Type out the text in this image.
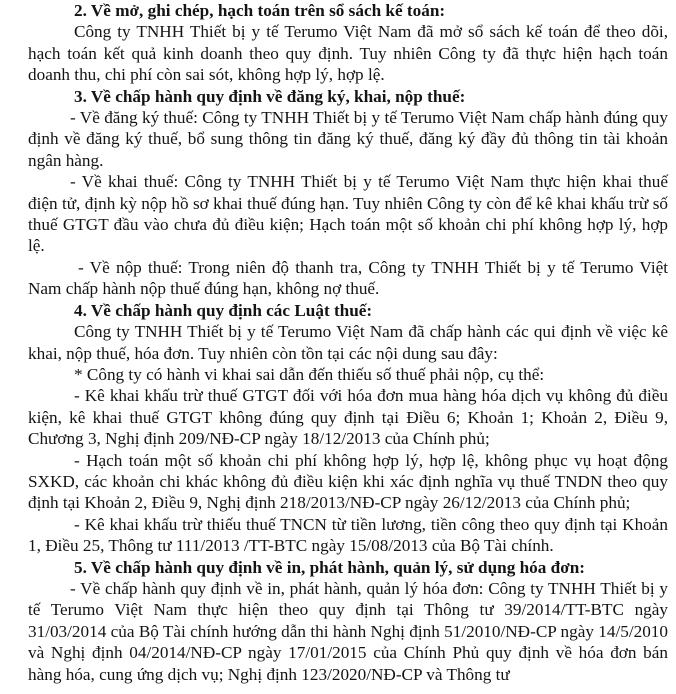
2. Về mở, ghi chép, hạch toán trên sổ sách kế toán:

Công ty TNHH Thiết bị y tế Terumo Việt Nam đã mở sổ sách kế toán để theo dõi, hạch toán kết quả kinh doanh theo quy định. Tuy nhiên Công ty đã thực hiện hạch toán doanh thu, chi phí còn sai sót, không hợp lý, hợp lệ.

3. Về chấp hành quy định về đăng ký, khai, nộp thuế:

- Về đăng ký thuế: Công ty TNHH Thiết bị y tế Terumo Việt Nam chấp hành đúng quy định về đăng ký thuế, bổ sung thông tin đăng ký thuế, đăng ký đầy đủ thông tin tài khoản ngân hàng.

- Về khai thuế: Công ty TNHH Thiết bị y tế Terumo Việt Nam thực hiện khai thuế điện tử, định kỳ nộp hồ sơ khai thuế đúng hạn. Tuy nhiên Công ty còn để kê khai khấu trừ số thuế GTGT đầu vào chưa đủ điều kiện; Hạch toán một số khoản chi phí không hợp lý, hợp lệ.

- Về nộp thuế: Trong niên độ thanh tra, Công ty TNHH Thiết bị y tế Terumo Việt Nam chấp hành nộp thuế đúng hạn, không nợ thuế.

4. Về chấp hành quy định các Luật thuế:

Công ty TNHH Thiết bị y tế Terumo Việt Nam đã chấp hành các qui định về việc kê khai, nộp thuế, hóa đơn. Tuy nhiên còn tồn tại các nội dung sau đây:

* Công ty có hành vi khai sai dẫn đến thiếu số thuế phải nộp, cụ thể:

- Kê khai khấu trừ thuế GTGT đối với hóa đơn mua hàng hóa dịch vụ không đủ điều kiện, kê khai thuế GTGT không đúng quy định tại Điều 6; Khoản 1; Khoản 2, Điều 9, Chương 3, Nghị định 209/NĐ-CP ngày 18/12/2013 của Chính phủ;

- Hạch toán một số khoản chi phí không hợp lý, hợp lệ, không phục vụ hoạt động SXKD, các khoản chi khác không đủ điều kiện khi xác định nghĩa vụ thuế TNDN theo quy định tại Khoản 2, Điều 9, Nghị định 218/2013/NĐ-CP ngày 26/12/2013 của Chính phủ;

- Kê khai khấu trừ thiếu thuế TNCN từ tiền lương, tiền công theo quy định tại Khoản 1, Điều 25, Thông tư 111/2013 /TT-BTC ngày 15/08/2013 của Bộ Tài chính.

5. Về chấp hành quy định về in, phát hành, quản lý, sử dụng hóa đơn:

- Về chấp hành quy định về in, phát hành, quản lý hóa đơn: Công ty TNHH Thiết bị y tế Terumo Việt Nam thực hiện theo quy định tại Thông tư 39/2014/TT-BTC ngày 31/03/2014 của Bộ Tài chính hướng dẫn thi hành Nghị định 51/2010/NĐ-CP ngày 14/5/2010 và Nghị định 04/2014/NĐ-CP ngày 17/01/2015 của Chính Phủ quy định về hóa đơn bán hàng hóa, cung ứng dịch vụ; Nghị định 123/2020/NĐ-CP và Thông tư
